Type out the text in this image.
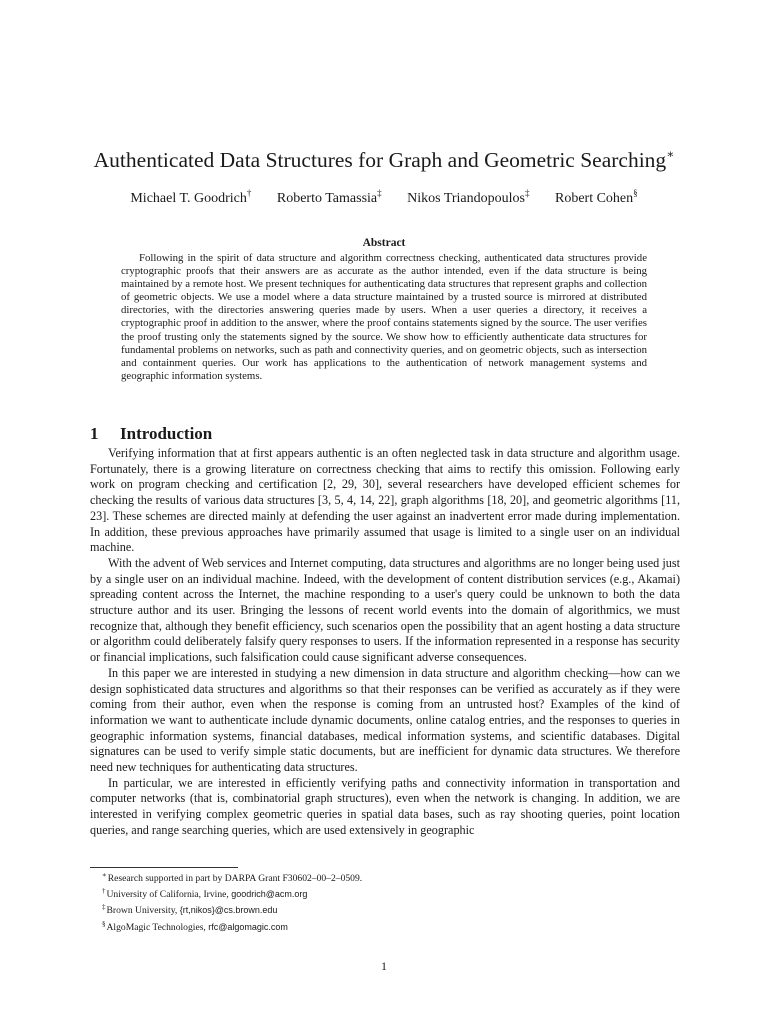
Authenticated Data Structures for Graph and Geometric Searching∗
Michael T. Goodrich† Roberto Tamassia‡ Nikos Triandopoulos‡ Robert Cohen§
Abstract

Following in the spirit of data structure and algorithm correctness checking, authenticated data structures provide cryptographic proofs that their answers are as accurate as the author intended, even if the data structure is being maintained by a remote host. We present techniques for authenticating data structures that represent graphs and collection of geometric objects. We use a model where a data structure maintained by a trusted source is mirrored at distributed directories, with the directories answering queries made by users. When a user queries a directory, it receives a cryptographic proof in addition to the answer, where the proof contains statements signed by the source. The user verifies the proof trusting only the statements signed by the source. We show how to efficiently authenticate data structures for fundamental problems on networks, such as path and connectivity queries, and on geometric objects, such as intersection and containment queries. Our work has applications to the authentication of network management systems and geographic information systems.

1 Introduction

Verifying information that at first appears authentic is an often neglected task in data structure and algorithm usage. Fortunately, there is a growing literature on correctness checking that aims to rectify this omission. Following early work on program checking and certification [2, 29, 30], several researchers have developed efficient schemes for checking the results of various data structures [3, 5, 4, 14, 22], graph algorithms [18, 20], and geometric algorithms [11, 23]. These schemes are directed mainly at defending the user against an inadvertent error made during implementation. In addition, these previous approaches have primarily assumed that usage is limited to a single user on an individual machine.

With the advent of Web services and Internet computing, data structures and algorithms are no longer being used just by a single user on an individual machine. Indeed, with the development of content distribution services (e.g., Akamai) spreading content across the Internet, the machine responding to a user's query could be unknown to both the data structure author and its user. Bringing the lessons of recent world events into the domain of algorithmics, we must recognize that, although they benefit efficiency, such scenarios open the possibility that an agent hosting a data structure or algorithm could deliberately falsify query responses to users. If the information represented in a response has security or financial implications, such falsification could cause significant adverse consequences.

In this paper we are interested in studying a new dimension in data structure and algorithm checking—how can we design sophisticated data structures and algorithms so that their responses can be verified as accurately as if they were coming from their author, even when the response is coming from an untrusted host? Examples of the kind of information we want to authenticate include dynamic documents, online catalog entries, and the responses to queries in geographic information systems, financial databases, medical information systems, and scientific databases. Digital signatures can be used to verify simple static documents, but are inefficient for dynamic data structures. We therefore need new techniques for authenticating data structures.

In particular, we are interested in efficiently verifying paths and connectivity information in transportation and computer networks (that is, combinatorial graph structures), even when the network is changing. In addition, we are interested in verifying complex geometric queries in spatial data bases, such as ray shooting queries, point location queries, and range searching queries, which are used extensively in geographic

∗Research supported in part by DARPA Grant F30602–00–2–0509.

†University of California, Irvine, goodrich@acm.org

‡Brown University, {rt,nikos}@cs.brown.edu

§AlgoMagic Technologies, rfc@algomagic.com

1
